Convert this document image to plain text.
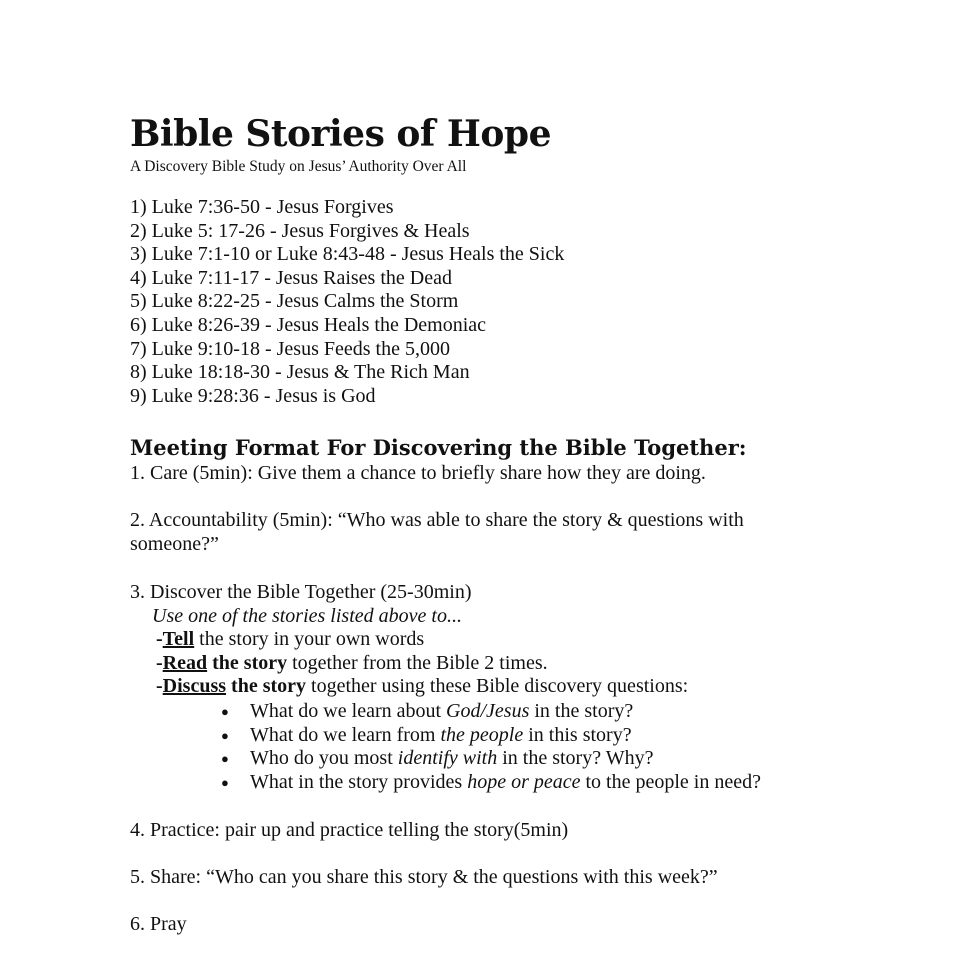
Bible Stories of Hope
A Discovery Bible Study on Jesus’ Authority Over All
1) Luke 7:36-50 - Jesus Forgives
2) Luke 5: 17-26 - Jesus Forgives & Heals
3) Luke 7:1-10 or Luke 8:43-48 - Jesus Heals the Sick
4) Luke 7:11-17 - Jesus Raises the Dead
5) Luke 8:22-25 - Jesus Calms the Storm
6) Luke 8:26-39 - Jesus Heals the Demoniac
7) Luke 9:10-18 - Jesus Feeds the 5,000
8) Luke 18:18-30 - Jesus & The Rich Man
9) Luke 9:28:36 - Jesus is God
Meeting Format For Discovering the Bible Together:

1. Care (5min): Give them a chance to briefly share how they are doing.

2. Accountability (5min): “Who was able to share the story & questions with

someone?”

3. Discover the Bible Together (25-30min)

Use one of the stories listed above to...

-Tell the story in your own words

-Read the story together from the Bible 2 times.

-Discuss the story together using these Bible discovery questions:

● What do we learn about God/Jesus in the story?
● What do we learn from the people in this story?
● Who do you most identify with in the story? Why?
● What in the story provides hope or peace to the people in need?

4. Practice: pair up and practice telling the story(5min)

5. Share: “Who can you share this story & the questions with this week?”

6. Pray
